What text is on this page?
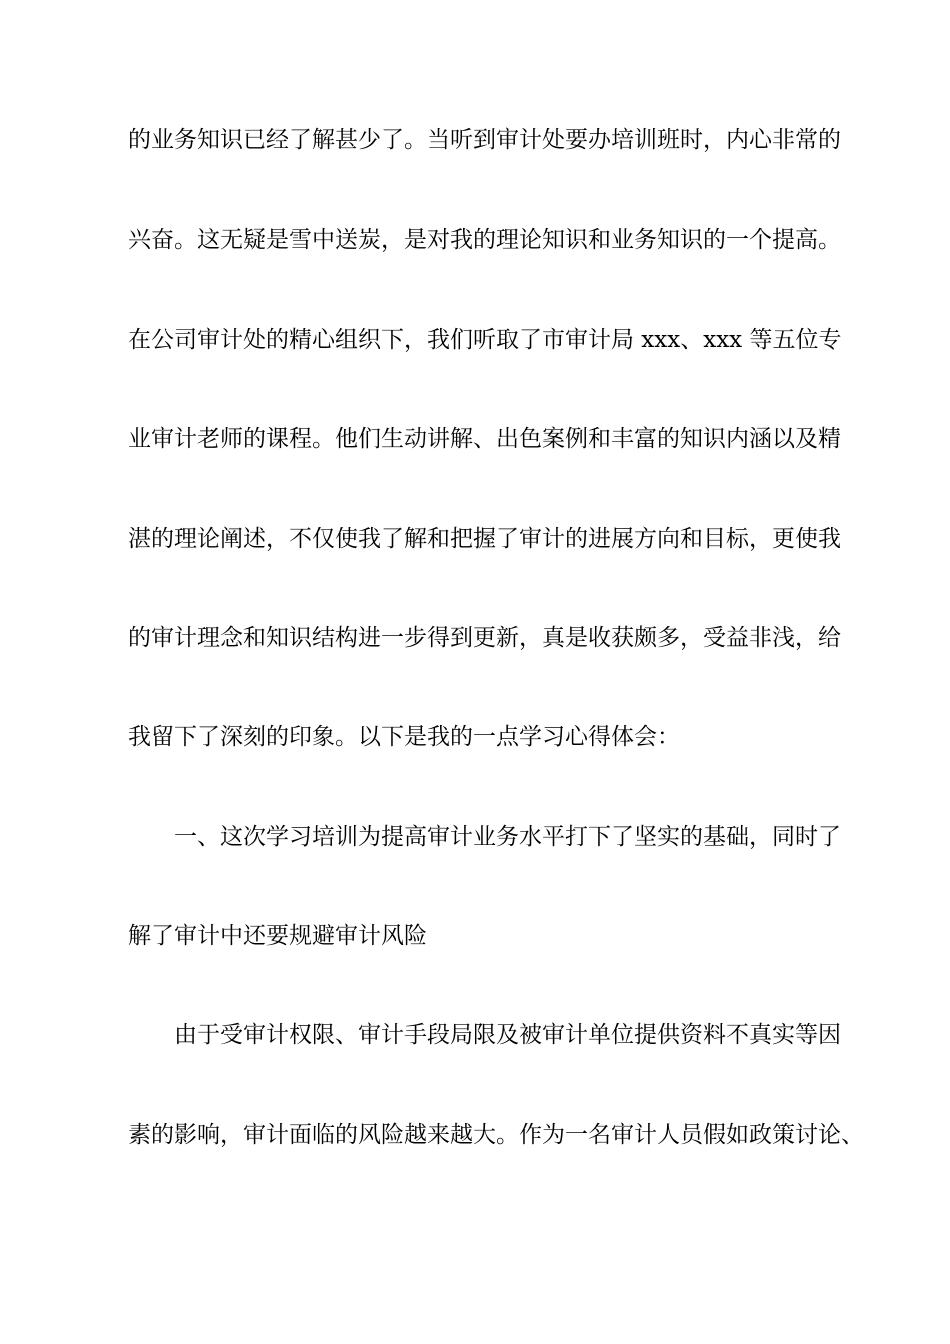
的业务知识已经了解甚少了。当听到审计处要办培训班时，内心非常的
兴奋。这无疑是雪中送炭，是对我的理论知识和业务知识的一个提高。
在公司审计处的精心组织下，我们听取了市审计局 xxx、xxx 等五位专
业审计老师的课程。他们生动讲解、出色案例和丰富的知识内涵以及精
湛的理论阐述，不仅使我了解和把握了审计的进展方向和目标，更使我
的审计理念和知识结构进一步得到更新，真是收获颇多，受益非浅，给
我留下了深刻的印象。以下是我的一点学习心得体会：
一、这次学习培训为提高审计业务水平打下了坚实的基础，同时了
解了审计中还要规避审计风险
由于受审计权限、审计手段局限及被审计单位提供资料不真实等因
素的影响，审计面临的风险越来越大。作为一名审计人员假如政策讨论、
